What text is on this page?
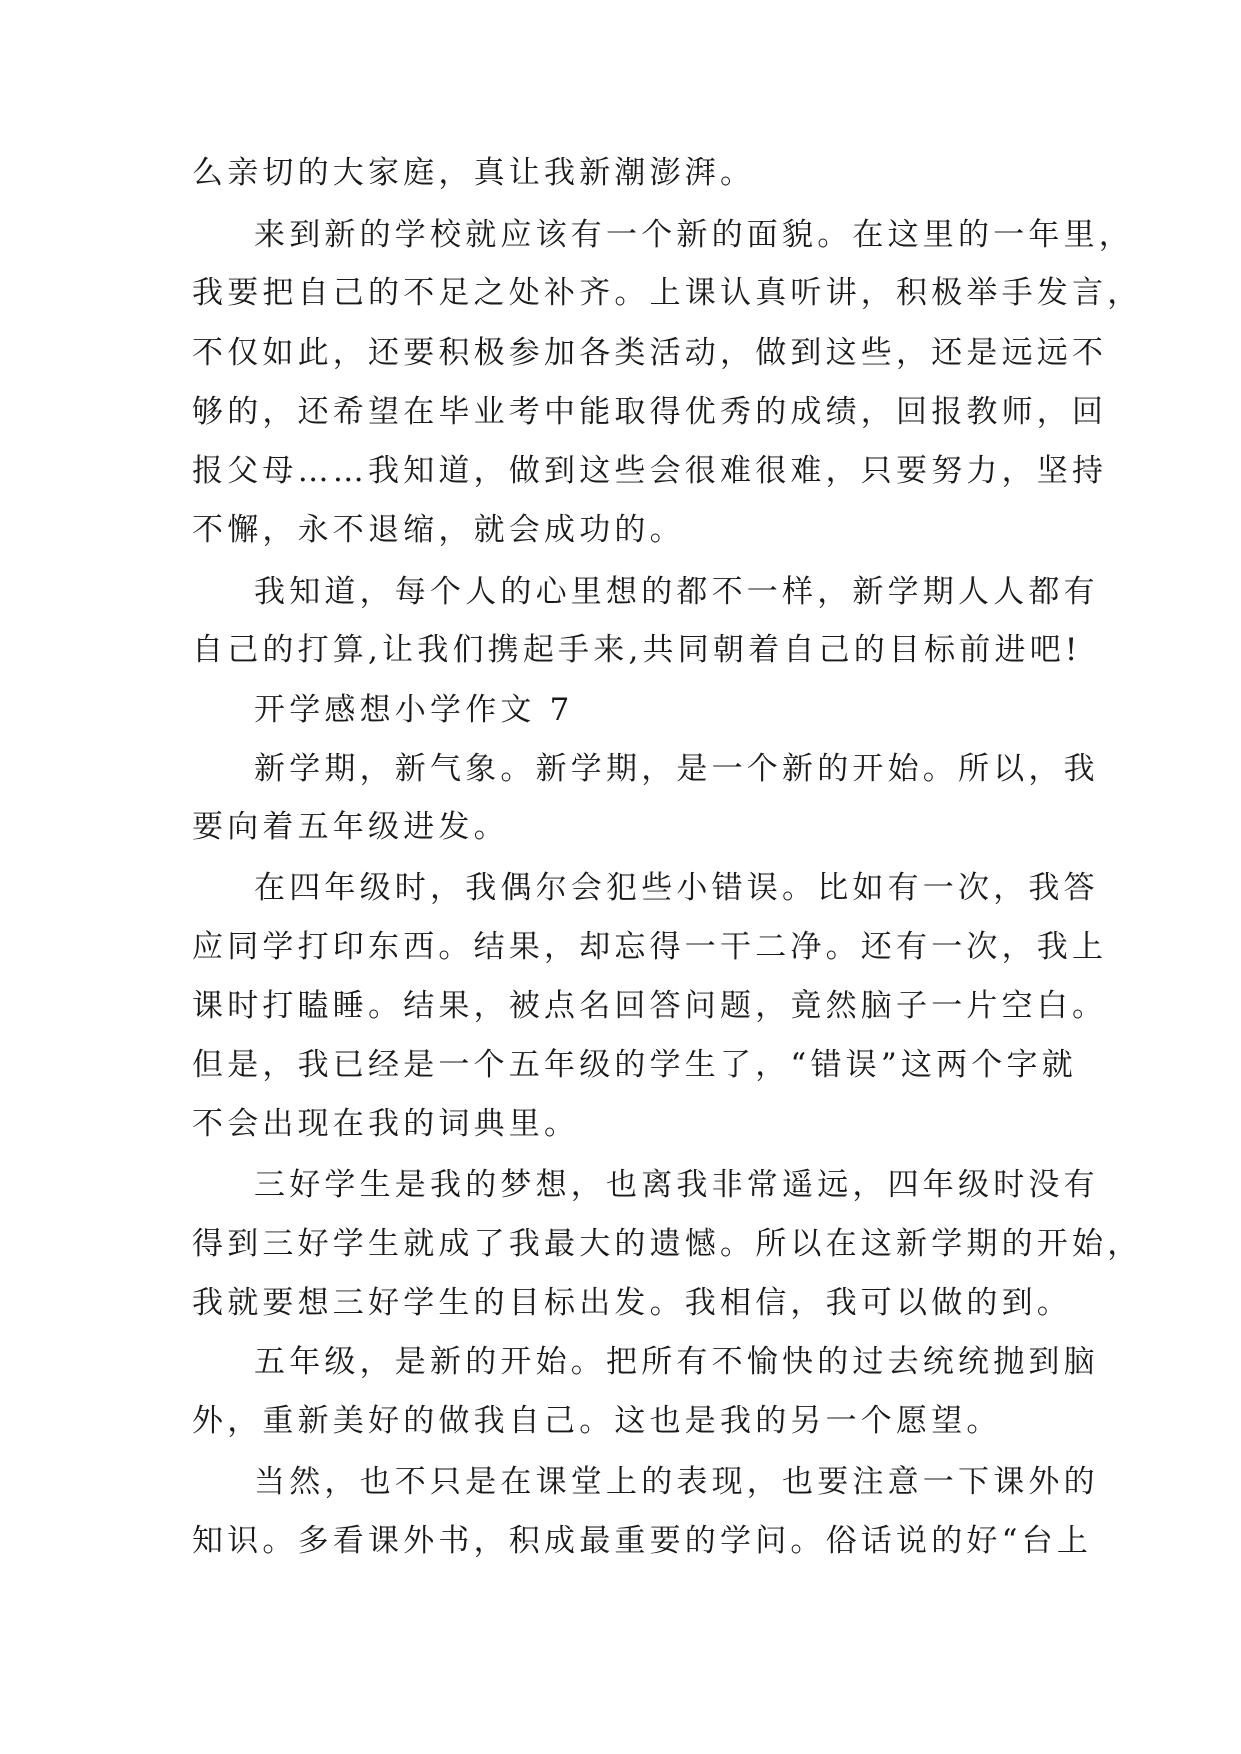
么亲切的大家庭，真让我新潮澎湃。
来到新的学校就应该有一个新的面貌。在这里的一年里，
我要把自己的不足之处补齐。上课认真听讲，积极举手发言，
不仅如此，还要积极参加各类活动，做到这些，还是远远不
够的，还希望在毕业考中能取得优秀的成绩，回报教师，回
报父母……我知道，做到这些会很难很难，只要努力，坚持
不懈，永不退缩，就会成功的。
我知道，每个人的心里想的都不一样，新学期人人都有
自己的打算,让我们携起手来,共同朝着自己的目标前进吧!
开学感想小学作文 7
新学期，新气象。新学期，是一个新的开始。所以，我
要向着五年级进发。
在四年级时，我偶尔会犯些小错误。比如有一次，我答
应同学打印东西。结果，却忘得一干二净。还有一次，我上
课时打瞌睡。结果，被点名回答问题，竟然脑子一片空白。
但是，我已经是一个五年级的学生了，“错误”这两个字就
不会出现在我的词典里。
三好学生是我的梦想，也离我非常遥远，四年级时没有
得到三好学生就成了我最大的遗憾。所以在这新学期的开始，
我就要想三好学生的目标出发。我相信，我可以做的到。
五年级，是新的开始。把所有不愉快的过去统统抛到脑
外，重新美好的做我自己。这也是我的另一个愿望。
当然，也不只是在课堂上的表现，也要注意一下课外的
知识。多看课外书，积成最重要的学问。俗话说的好“台上
